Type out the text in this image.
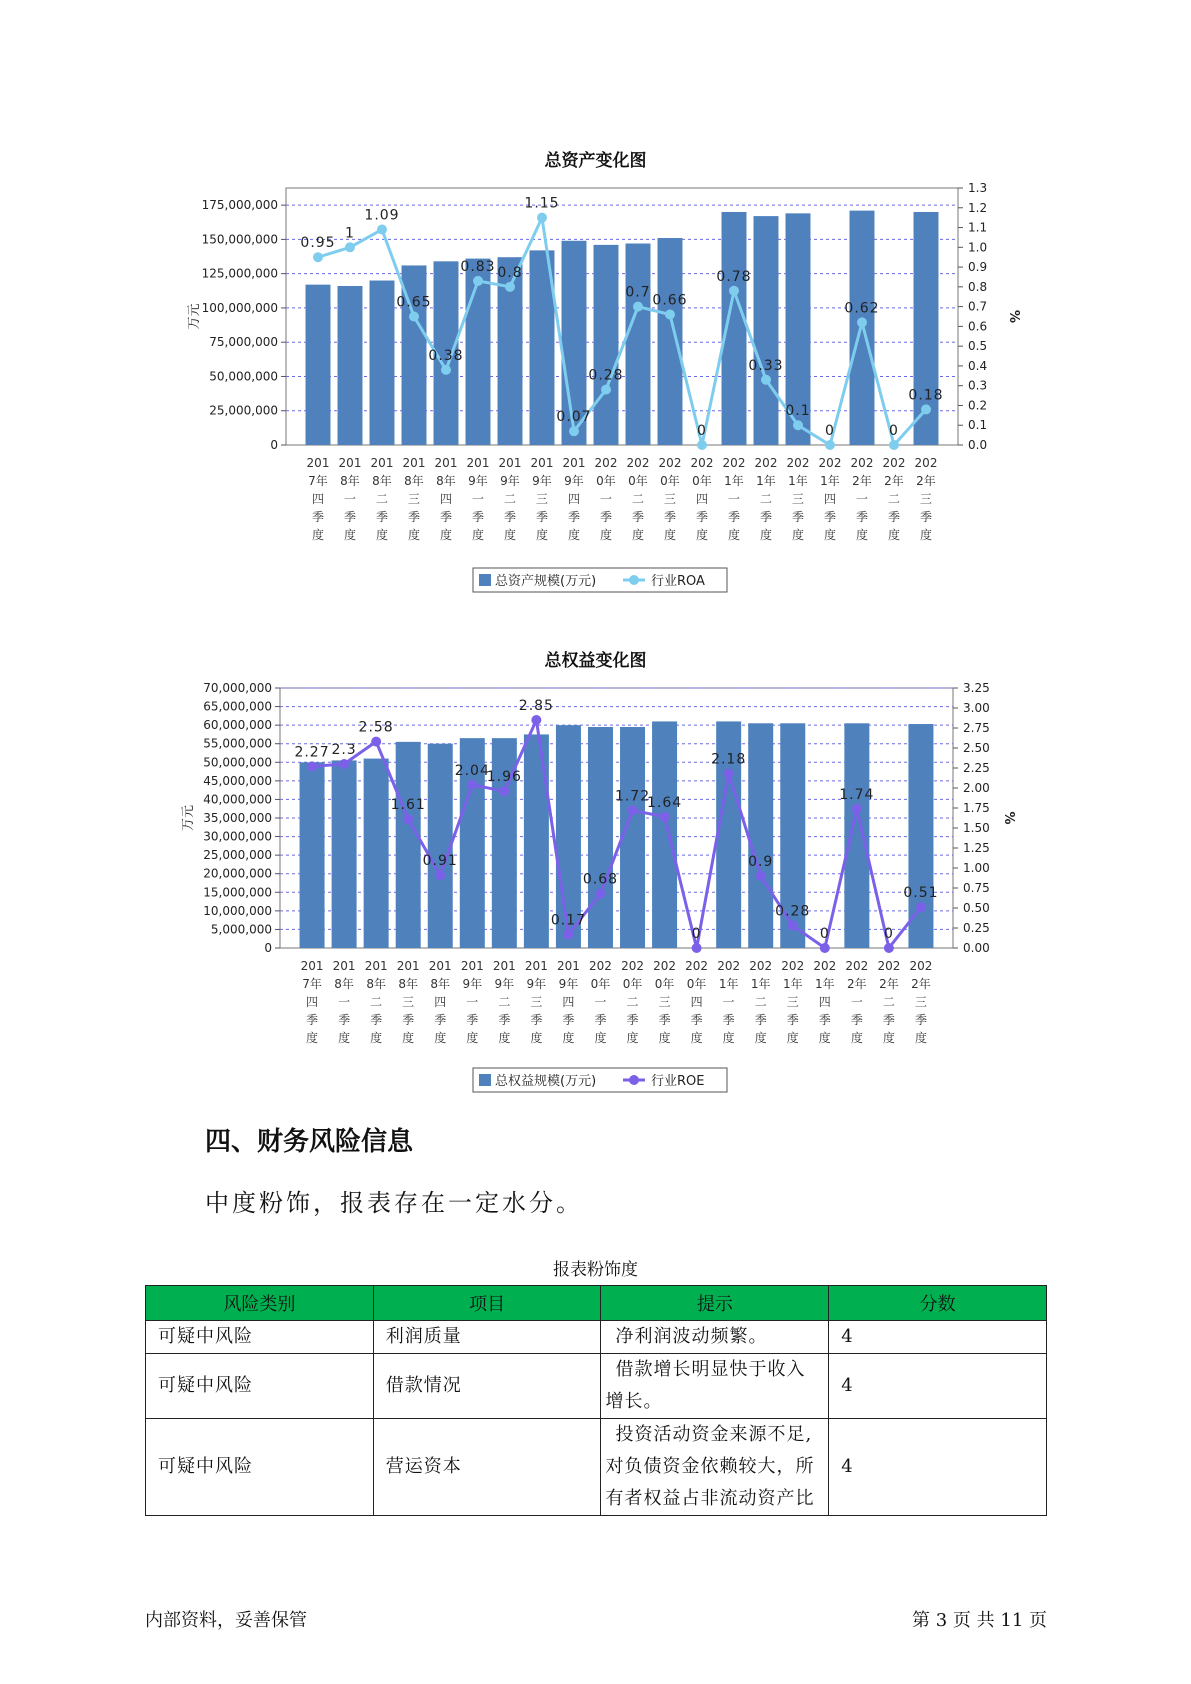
总资产变化图
0
25,000,000
50,000,000
75,000,000
100,000,000
125,000,000
150,000,000
175,000,000
0.0
0.1
0.2
0.3
0.4
0.5
0.6
0.7
0.8
0.9
1.0
1.1
1.2
1.3
万元	%
0.95
1
1.09
0.65
0.38
0.83 0.8
1.15
0.07
0.28
0.7 0.66
0
0.78
0.33
0.1
0
0.62
0
0.18
201
7年
四
季
度
201
8年
一
季
度
201
8年
二
季
度
201
8年
三
季
度
201
8年
四
季
度
201
9年
一
季
度
201
9年
二
季
度
201
9年
三
季
度
201
9年
四
季
度
202
0年
一
季
度
202
0年
二
季
度
202
0年
三
季
度
202
0年
四
季
度
202
1年
一
季
度
202
1年
二
季
度
202
1年
三
季
度
202
1年
四
季
度
202
2年
一
季
度
202
2年
二
季
度
202
2年
三
季
度
总资产规模(万元)	行业ROA
总权益变化图
0
5,000,000
10,000,000
15,000,000
20,000,000
25,000,000
30,000,000
35,000,000
40,000,000
45,000,000
50,000,000
55,000,000
60,000,000
65,000,000
70,000,000
0.00
0.25
0.50
0.75
1.00
1.25
1.50
1.75
2.00
2.25
2.50
2.75
3.00
3.25
万元	%
2.27 2.3
2.58
1.61
0.91
2.04
1.96
2.85
0.17
0.68
1.72
1.64
0
2.18
0.9
0.28
0
1.74
0
0.51
201
7年
四
季
度
201
8年
一
季
度
201
8年
二
季
度
201
8年
三
季
度
201
8年
四
季
度
201
9年
一
季
度
201
9年
二
季
度
201
9年
三
季
度
201
9年
四
季
度
202
0年
一
季
度
202
0年
二
季
度
202
0年
三
季
度
202
0年
四
季
度
202
1年
一
季
度
202
1年
二
季
度
202
1年
三
季
度
202
1年
四
季
度
202
2年
一
季
度
202
2年
二
季
度
202
2年
三
季
度
总权益规模(万元)	行业ROE
四、财务风险信息
中度粉饰，报表存在一定水分。
报表粉饰度
风险类别	项目	提示	分数
可疑中风险	利润质量	净利润波动频繁。	4
可疑中风险	借款情况	借款增长明显快于收入增长。	4
可疑中风险	营运资本	投资活动资金来源不足,对负债资金依赖较大，所有者权益占非流动资产比	4
内部资料，妥善保管	第 3 页 共 11 页
